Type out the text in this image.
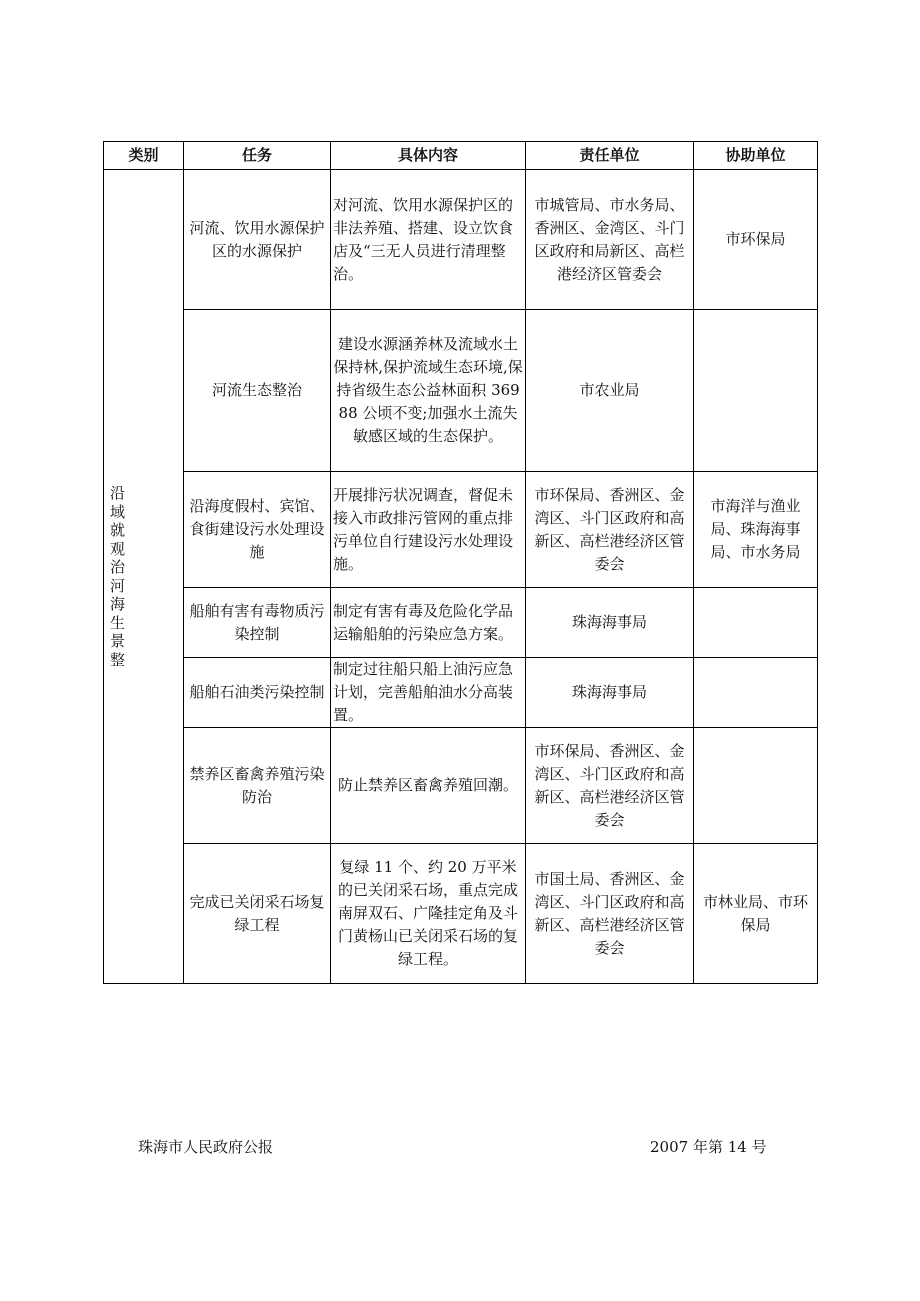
类别	任务	具体内容	责任单位	协助单位

沿域就观治河海生景整	河流、饮用水源保护区的水源保护	对河流、饮用水源保护区的非法养殖、搭建、设立饮食店及“三无人员进行清理整治。	市城管局、市水务局、香洲区、金湾区、斗门区政府和局新区、高栏港经济区管委会	市环保局
	河流生态整治	建设水源涵养林及流域水土保持林,保护流域生态环境,保持省级生态公益林面积 36988 公顷不变;加强水土流失敏感区域的生态保护。	市农业局	
	沿海度假村、宾馆、食街建设污水处理设施	开展排污状况调查，督促未接入市政排污管网的重点排污单位自行建设污水处理设施。	市环保局、香洲区、金湾区、斗门区政府和高新区、高栏港经济区管委会	市海洋与渔业局、珠海海事局、市水务局
	船舶有害有毒物质污染控制	制定有害有毒及危险化学品运输船舶的污染应急方案。	珠海海事局	
	船舶石油类污染控制	制定过往船只船上油污应急计划，完善船舶油水分高装置。	珠海海事局	
	禁养区畜禽养殖污染防治	防止禁养区畜禽养殖回潮。	市环保局、香洲区、金湾区、斗门区政府和高新区、高栏港经济区管委会	
	完成已关闭采石场复绿工程	复绿 11 个、约 20 万平米的已关闭采石场，重点完成南屏双石、广隆挂定角及斗门黄杨山已关闭采石场的复绿工程。	市国土局、香洲区、金湾区、斗门区政府和高新区、高栏港经济区管委会	市林业局、市环保局
珠海市人民政府公报	2007 年第 14 号
